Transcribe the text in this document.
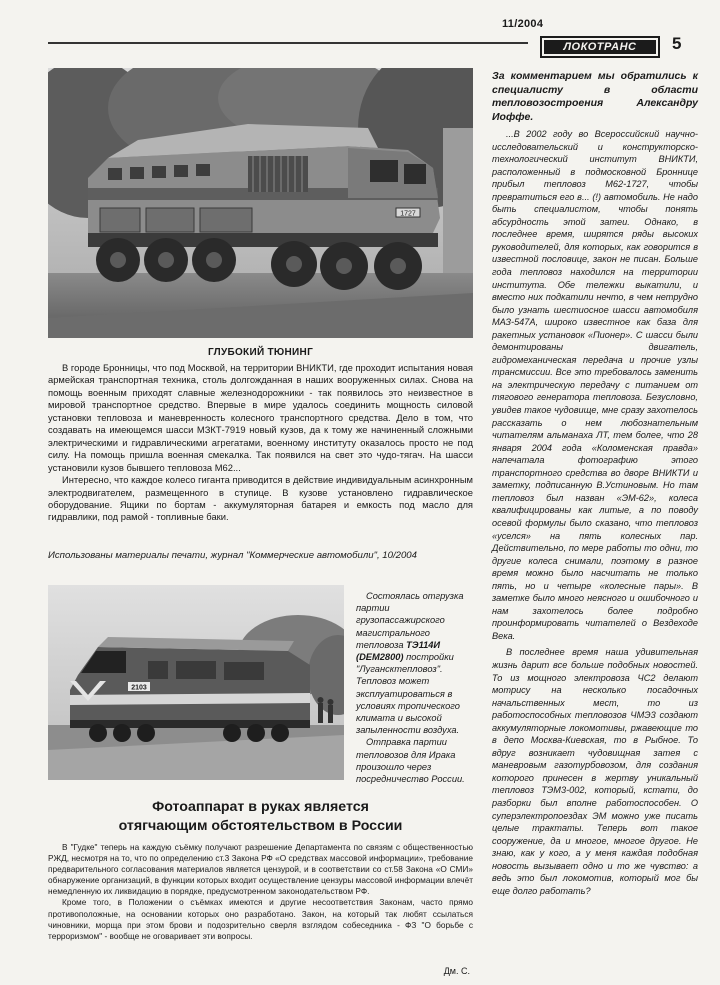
11/2004
ЛОКОТРАНС	5
1727
За комментарием мы обратились к специалисту в области тепловозостроения Александру Иоффе.

...В 2002 году во Всероссийский научно-исследовательский и конструкторско-технологический институт ВНИКТИ, расположенный в подмосковной Броннице прибыл тепловоз М62-1727, чтобы превратиться его в... (!) автомобиль. Не надо быть специалистом, чтобы понять абсурдность этой затеи. Однако, в последнее время, ширятся ряды высоких руководителей, для которых, как говорится в известной пословице, закон не писан. Больше года тепловоз находился на территории института. Обе тележки выкатили, и вместо них подкатили нечто, в чем нетрудно было узнать шестиосное шасси автомобиля МАЗ-547А, широко известное как база для ракетных установок «Пионер». С шасси были демонтированы двигатель, гидромеханическая передача и прочие узлы трансмиссии. Все это требовалось заменить на электрическую передачу с питанием от тягового генератора тепловоза. Безусловно, увидев такое чудовище, мне сразу захотелось рассказать о нем любознательным читателям альманаха ЛТ, тем более, что 28 января 2004 года «Коломенская правда» напечатала фотографию этого транспортного средства во дворе ВНИКТИ и заметку, подписанную В.Устиновым. Но там тепловоз был назван «ЭМ-62», колеса квалифицированы как литые, а по поводу осевой формулы было сказано, что тепловоз «уселся» на пять колесных пар. Действительно, по мере работы то одни, то другие колеса снимали, поэтому в разное время можно было насчитать не только пять, но и четыре «колесные пары». В заметке было много неясного и ошибочного и нам захотелось более подробно проинформировать читателей о Вездеходе Века.

В последнее время наша удивительная жизнь дарит все больше подобных новостей. То из мощного электровоза ЧС2 делают мотрису на несколько посадочных начальственных мест, то из работоспособных тепловозов ЧМЭ3 создают аккумуляторные локомотивы, ржавеющие то в депо Москва-Киевская, то в Рыбное. То вдруг возникает чудовищная затея с маневровым газотурбовозом, для создания которого принесен в жертву уникальный тепловоз ТЭМ3-002, который, кстати, до разборки был вполне работоспособен. О суперэлектропоездах ЭМ можно уже писать целые трактаты. Теперь вот такое сооружение, да и многое, многое другое. Не знаю, как у кого, а у меня каждая подобная новость вызывает одно и то же чувство: а ведь это был локомотив, который мог бы еще долго работать?

ГЛУБОКИЙ ТЮНИНГ

В городе Бронницы, что под Москвой, на территории ВНИКТИ, где проходит испытания новая армейская транспортная техника, столь долгожданная в наших вооруженных силах. Снова на помощь военным приходят славные железнодорожники - так появилось это неизвестное в мировой транспортное средство. Впервые в мире удалось соединить мощность силовой установки тепловоза и маневренность колесного транспортного средства. Дело в том, что создавать на имеющемся шасси МЗКТ-7919 новый кузов, да к тому же начиненный сложными электрическими и гидравлическими агрегатами, военному институту оказалось просто не под силу. На помощь пришла военная смекалка. Так появился на свет это чудо-тягач. На шасси установили кузов бывшего тепловоза М62...

Интересно, что каждое колесо гиганта приводится в действие индивидуальным асинхронным электродвигателем, размещенного в ступице. В кузове установлено гидравлическое оборудование. Ящики по бортам - аккумуляторная батарея и емкость под масло для гидравлики, под рамой - топливные баки.

Использованы материалы печати, журнал "Коммерческие автомобили", 10/2004
2103

Состоялась отгрузка партии грузопассажирского магистрального тепловоза ТЭ114И (DEM2800) постройки "Лугансктепловоз". Тепловоз может эксплуатироваться в условиях тропического климата и высокой запыленности воздуха.

Отправка партии тепловозов для Ирака произошло через посредничество России.

Фотоаппарат в руках является
отягчающим обстоятельством в России

В "Гудке" теперь на каждую съёмку получают разрешение Департамента по связям с общественностью РЖД, несмотря на то, что по определению ст.3 Закона РФ «О средствах массовой информации», требование предварительного согласования материалов является цензурой, и в соответствии со ст.58 Закона «О СМИ» обнаружение организаций, в функции которых входит осуществление цензуры массовой информации влечёт немедленную их ликвидацию в порядке, предусмотренном законодательством РФ.

Кроме того, в Положении о съёмках имеются и другие несоответствия Законам, часто прямо противоположные, на основании которых оно разработано. Закон, на который так любят ссылаться чиновники, морща при этом брови и подозрительно сверля взглядом собеседника - ФЗ "О борьбе с терроризмом" - вообще не оговаривает эти вопросы.

Дм. С.
